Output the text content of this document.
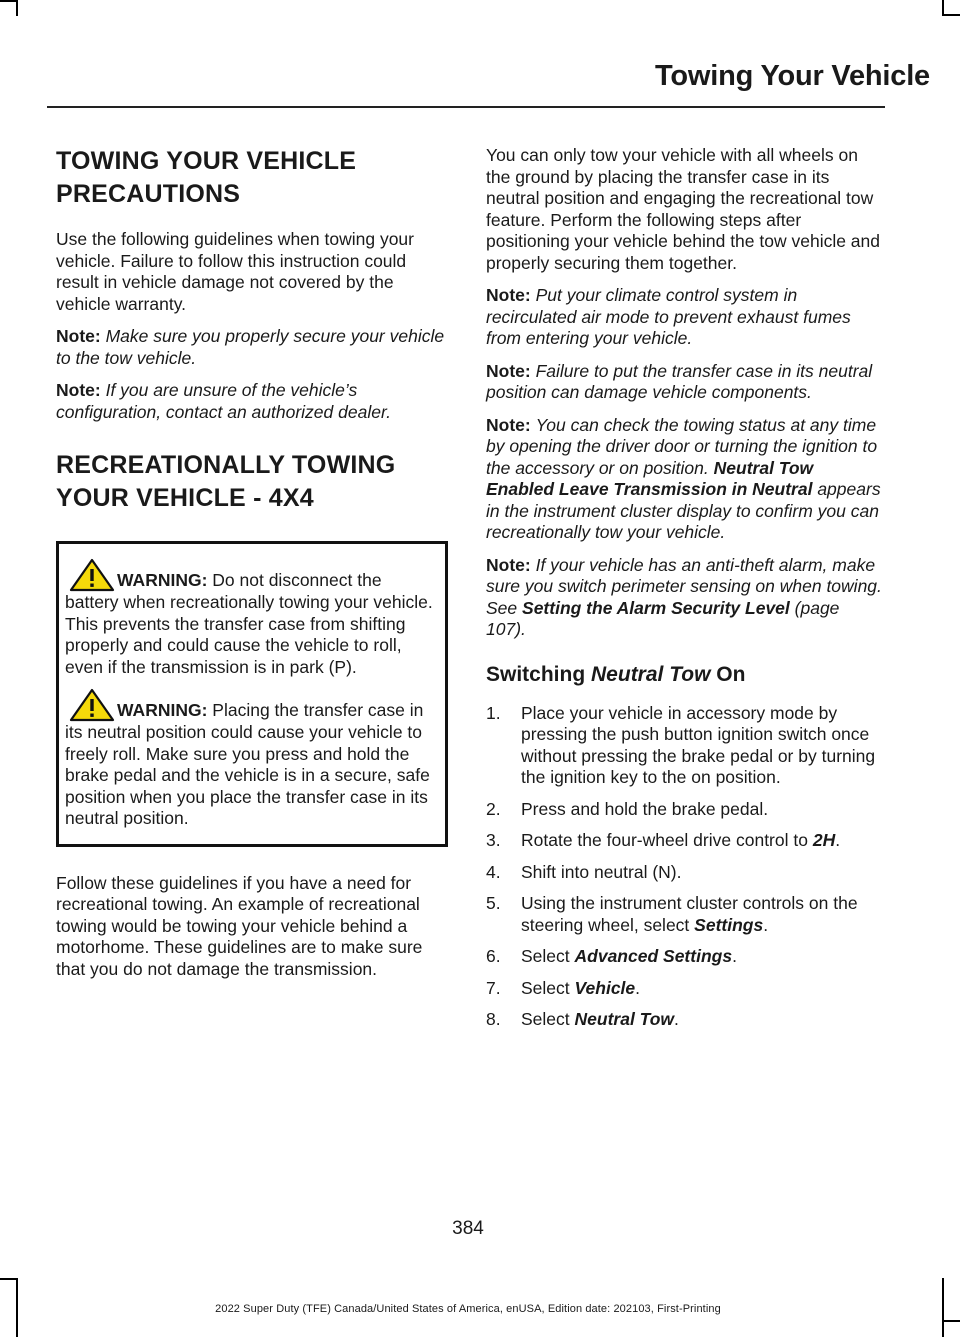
Towing Your Vehicle
TOWING YOUR VEHICLE
PRECAUTIONS

Use the following guidelines when towing your vehicle. Failure to follow this instruction could result in vehicle damage not covered by the vehicle warranty.

Note: Make sure you properly secure your vehicle to the tow vehicle.

Note: If you are unsure of the vehicle’s configuration, contact an authorized dealer.

RECREATIONALLY TOWING
YOUR VEHICLE - 4X4

WARNING: Do not disconnect the battery when recreationally towing your vehicle. This prevents the transfer case from shifting properly and could cause the vehicle to roll, even if the transmission is in park (P).

WARNING: Placing the transfer case in its neutral position could cause your vehicle to freely roll. Make sure you press and hold the brake pedal and the vehicle is in a secure, safe position when you place the transfer case in its neutral position.

Follow these guidelines if you have a need for recreational towing. An example of recreational towing would be towing your vehicle behind a motorhome. These guidelines are to make sure that you do not damage the transmission.

You can only tow your vehicle with all wheels on the ground by placing the transfer case in its neutral position and engaging the recreational tow feature. Perform the following steps after positioning your vehicle behind the tow vehicle and properly securing them together.

Note: Put your climate control system in recirculated air mode to prevent exhaust fumes from entering your vehicle.

Note: Failure to put the transfer case in its neutral position can damage vehicle components.

Note: You can check the towing status at any time by opening the driver door or turning the ignition to the accessory or on position. Neutral Tow Enabled Leave Transmission in Neutral appears in the instrument cluster display to confirm you can recreationally tow your vehicle.

Note: If your vehicle has an anti-theft alarm, make sure you switch perimeter sensing on when towing. See Setting the Alarm Security Level (page 107).

Switching Neutral Tow On
1. Place your vehicle in accessory mode by pressing the push button ignition switch once without pressing the brake pedal or by turning the ignition key to the on position.
2. Press and hold the brake pedal.
3. Rotate the four-wheel drive control to 2H.
4. Shift into neutral (N).
5. Using the instrument cluster controls on the steering wheel, select Settings.
6. Select Advanced Settings.
7. Select Vehicle.
8. Select Neutral Tow.
384
2022 Super Duty (TFE) Canada/United States of America, enUSA, Edition date: 202103, First-Printing
